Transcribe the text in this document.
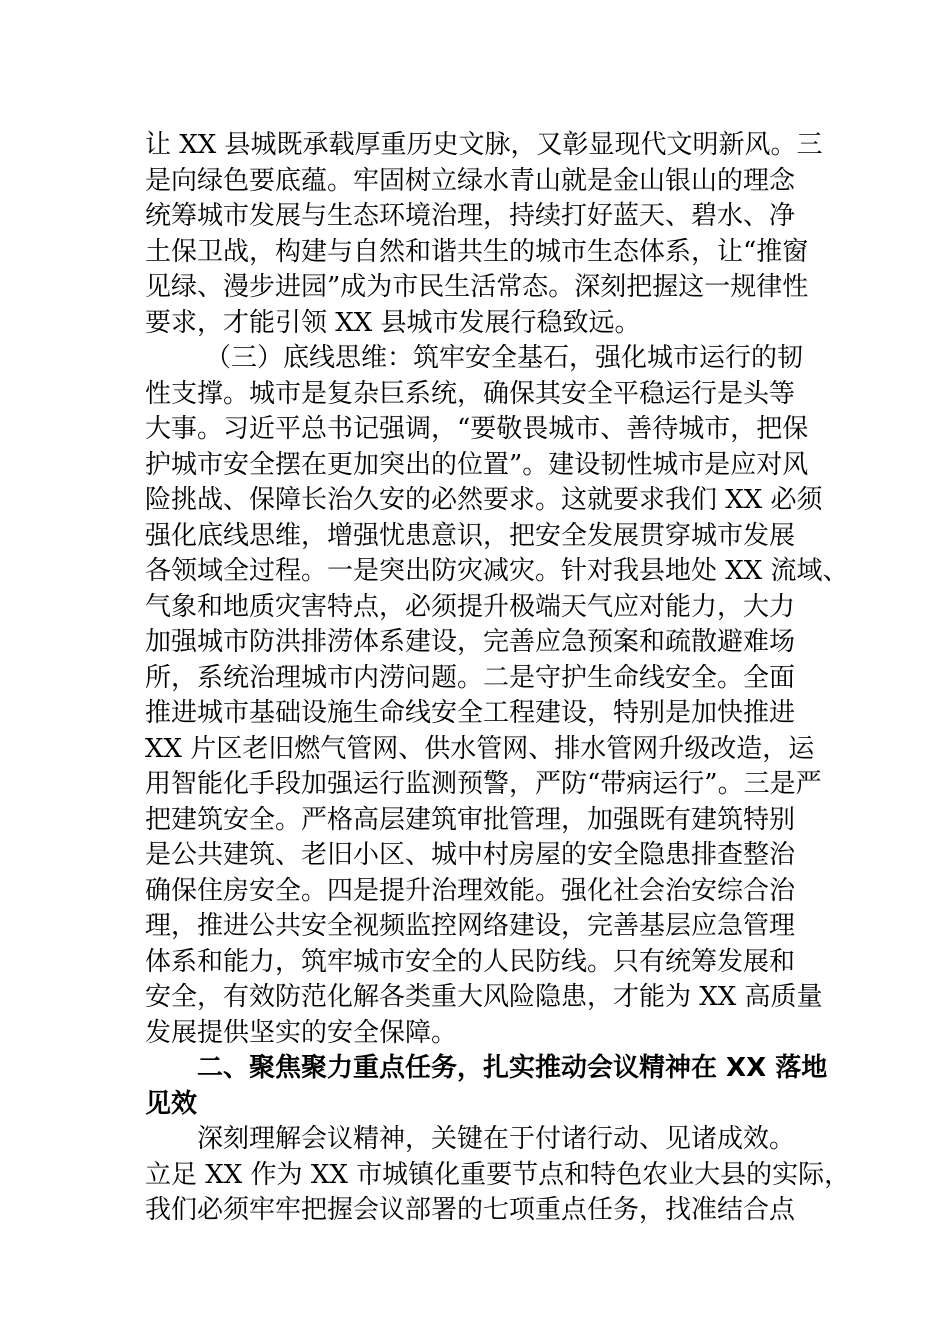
让 XX 县城既承载厚重历史文脉，又彰显现代文明新风。三
是向绿色要底蕴。牢固树立绿水青山就是金山银山的理念
统筹城市发展与生态环境治理，持续打好蓝天、碧水、净
土保卫战，构建与自然和谐共生的城市生态体系，让“推窗
见绿、漫步进园”成为市民生活常态。深刻把握这一规律性
要求，才能引领 XX 县城市发展行稳致远。
（三）底线思维：筑牢安全基石，强化城市运行的韧
性支撑。城市是复杂巨系统，确保其安全平稳运行是头等
大事。习近平总书记强调，“要敬畏城市、善待城市，把保
护城市安全摆在更加突出的位置”。建设韧性城市是应对风
险挑战、保障长治久安的必然要求。这就要求我们 XX 必须
强化底线思维，增强忧患意识，把安全发展贯穿城市发展
各领域全过程。一是突出防灾减灾。针对我县地处 XX 流域、
气象和地质灾害特点，必须提升极端天气应对能力，大力
加强城市防洪排涝体系建设，完善应急预案和疏散避难场
所，系统治理城市内涝问题。二是守护生命线安全。全面
推进城市基础设施生命线安全工程建设，特别是加快推进
XX 片区老旧燃气管网、供水管网、排水管网升级改造，运
用智能化手段加强运行监测预警，严防“带病运行”。三是严
把建筑安全。严格高层建筑审批管理，加强既有建筑特别
是公共建筑、老旧小区、城中村房屋的安全隐患排查整治
确保住房安全。四是提升治理效能。强化社会治安综合治
理，推进公共安全视频监控网络建设，完善基层应急管理
体系和能力，筑牢城市安全的人民防线。只有统筹发展和
安全，有效防范化解各类重大风险隐患，才能为 XX 高质量
发展提供坚实的安全保障。
二、聚焦聚力重点任务，扎实推动会议精神在 XX 落地
见效
深刻理解会议精神，关键在于付诸行动、见诸成效。
立足 XX 作为 XX 市城镇化重要节点和特色农业大县的实际，
我们必须牢牢把握会议部署的七项重点任务，找准结合点
